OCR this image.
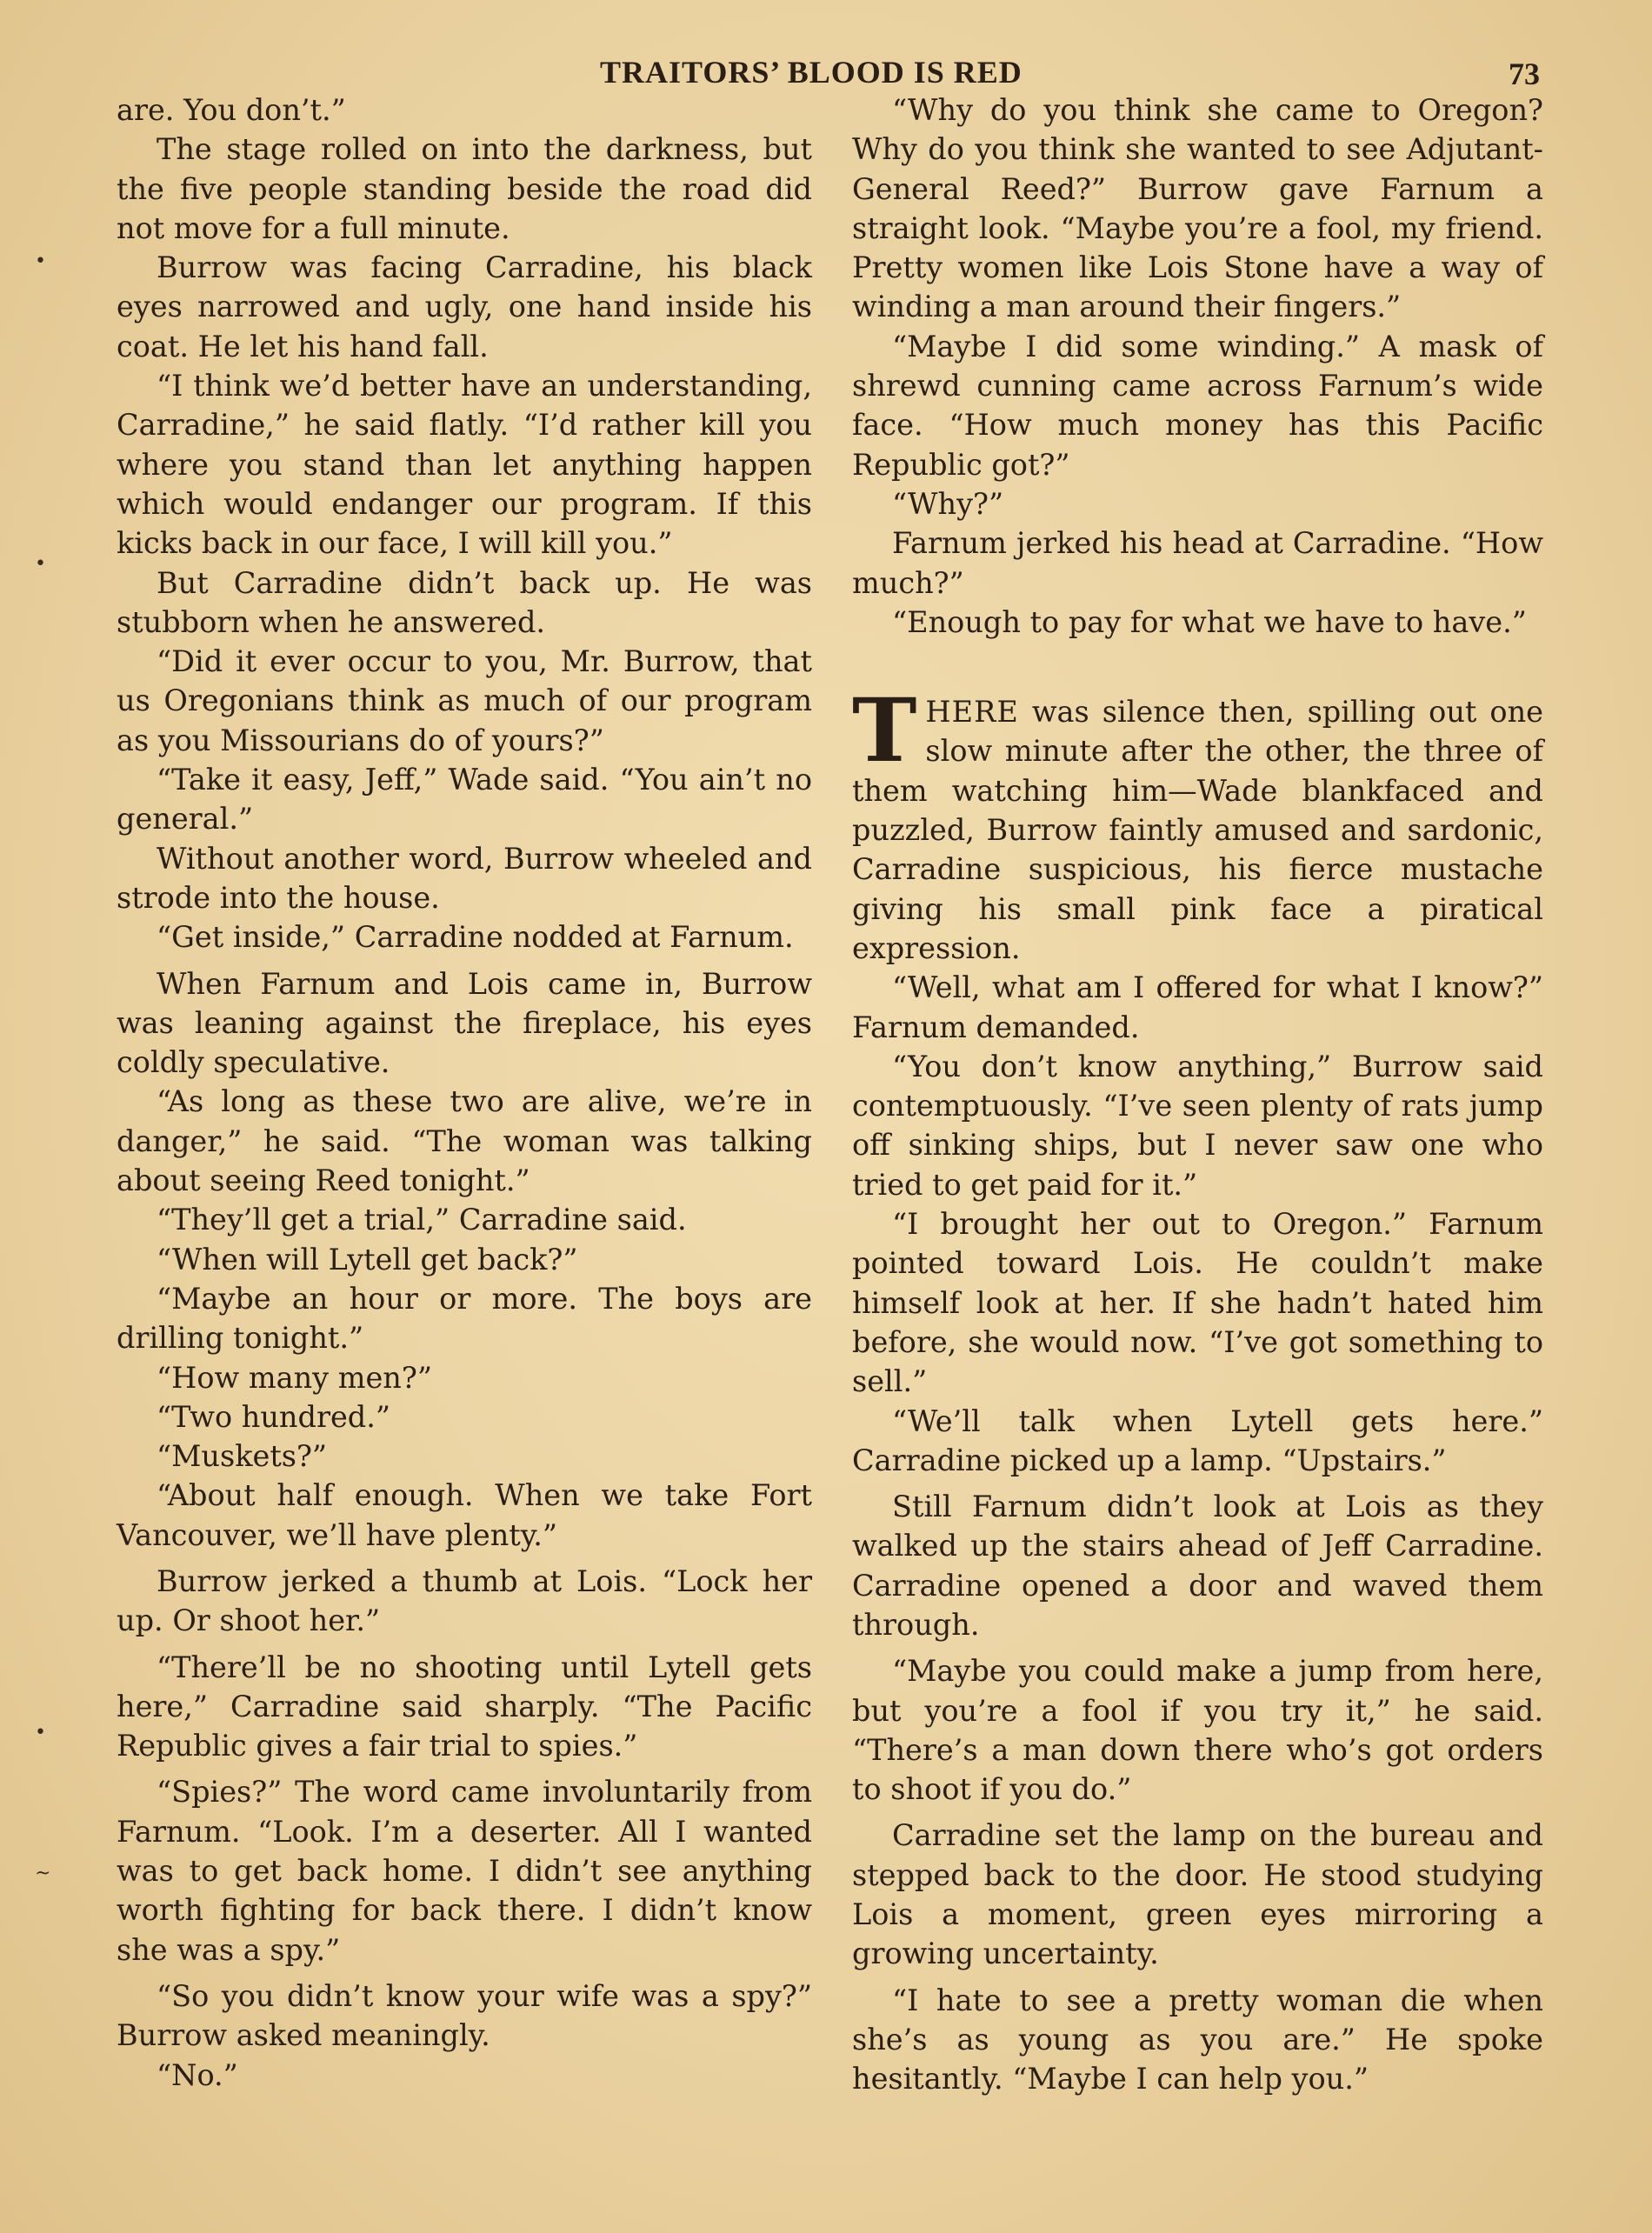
TRAITORS’ BLOOD IS RED	73
•
•
•
~

are. You don’t.”

The stage rolled on into the darkness, but the five people standing beside the road did not move for a full minute.

Burrow was facing Carradine, his black eyes narrowed and ugly, one hand inside his coat. He let his hand fall.

“I think we’d better have an understanding, Carradine,” he said flatly. “I’d rather kill you where you stand than let anything happen which would endanger our program. If this kicks back in our face, I will kill you.”

But Carradine didn’t back up. He was stubborn when he answered.

“Did it ever occur to you, Mr. Burrow, that us Oregonians think as much of our program as you Missourians do of yours?”

“Take it easy, Jeff,” Wade said. “You ain’t no general.”

Without another word, Burrow wheeled and strode into the house.

“Get inside,” Carradine nodded at Farnum.

When Farnum and Lois came in, Burrow was leaning against the fireplace, his eyes coldly speculative.

“As long as these two are alive, we’re in danger,” he said. “The woman was talking about seeing Reed tonight.”

“They’ll get a trial,” Carradine said.

“When will Lytell get back?”

“Maybe an hour or more. The boys are drilling tonight.”

“How many men?”

“Two hundred.”

“Muskets?”

“About half enough. When we take Fort Vancouver, we’ll have plenty.”

Burrow jerked a thumb at Lois. “Lock her up. Or shoot her.”

“There’ll be no shooting until Lytell gets here,” Carradine said sharply. “The Pacific Republic gives a fair trial to spies.”

“Spies?” The word came involuntarily from Farnum. “Look. I’m a deserter. All I wanted was to get back home. I didn’t see anything worth fighting for back there. I didn’t know she was a spy.”

“So you didn’t know your wife was a spy?” Burrow asked meaningly.

“No.”

“Why do you think she came to Oregon? Why do you think she wanted to see Adjutant-General Reed?” Burrow gave Farnum a straight look. “Maybe you’re a fool, my friend. Pretty women like Lois Stone have a way of winding a man around their fingers.”

“Maybe I did some winding.” A mask of shrewd cunning came across Farnum’s wide face. “How much money has this Pacific Republic got?”

“Why?”

Farnum jerked his head at Carradine. “How much?”

“Enough to pay for what we have to have.”

THERE was silence then, spilling out one slow minute after the other, the three of them watching him—Wade blankfaced and puzzled, Burrow faintly amused and sardonic, Carradine suspicious, his fierce mustache giving his small pink face a piratical expression.

“Well, what am I offered for what I know?” Farnum demanded.

“You don’t know anything,” Burrow said contemptuously. “I’ve seen plenty of rats jump off sinking ships, but I never saw one who tried to get paid for it.”

“I brought her out to Oregon.” Farnum pointed toward Lois. He couldn’t make himself look at her. If she hadn’t hated him before, she would now. “I’ve got something to sell.”

“We’ll talk when Lytell gets here.” Carradine picked up a lamp. “Upstairs.”

Still Farnum didn’t look at Lois as they walked up the stairs ahead of Jeff Carradine. Carradine opened a door and waved them through.

“Maybe you could make a jump from here, but you’re a fool if you try it,” he said. “There’s a man down there who’s got orders to shoot if you do.”

Carradine set the lamp on the bureau and stepped back to the door. He stood studying Lois a moment, green eyes mirroring a growing uncertainty.

“I hate to see a pretty woman die when she’s as young as you are.” He spoke hesitantly. “Maybe I can help you.”
